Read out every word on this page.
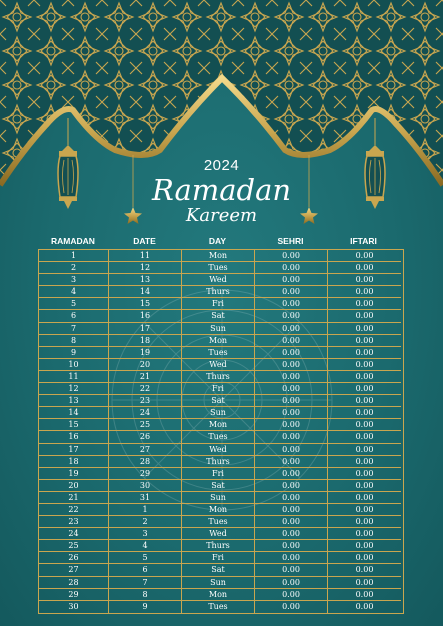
2024
Ramadan
Kareem
RAMADAN	DATE	DAY	SEHRI	IFTARI
1	11	Mon	0.00	0.00
2	12	Tues	0.00	0.00
3	13	Wed	0.00	0.00
4	14	Thurs	0.00	0.00
5	15	Fri	0.00	0.00
6	16	Sat	0.00	0.00
7	17	Sun	0.00	0.00
8	18	Mon	0.00	0.00
9	19	Tues	0.00	0.00
10	20	Wed	0.00	0.00
11	21	Thurs	0.00	0.00
12	22	Fri	0.00	0.00
13	23	Sat	0.00	0.00
14	24	Sun	0.00	0.00
15	25	Mon	0.00	0.00
16	26	Tues	0.00	0.00
17	27	Wed	0.00	0.00
18	28	Thurs	0.00	0.00
19	29	Fri	0.00	0.00
20	30	Sat	0.00	0.00
21	31	Sun	0.00	0.00
22	1	Mon	0.00	0.00
23	2	Tues	0.00	0.00
24	3	Wed	0.00	0.00
25	4	Thurs	0.00	0.00
26	5	Fri	0.00	0.00
27	6	Sat	0.00	0.00
28	7	Sun	0.00	0.00
29	8	Mon	0.00	0.00
30	9	Tues	0.00	0.00
